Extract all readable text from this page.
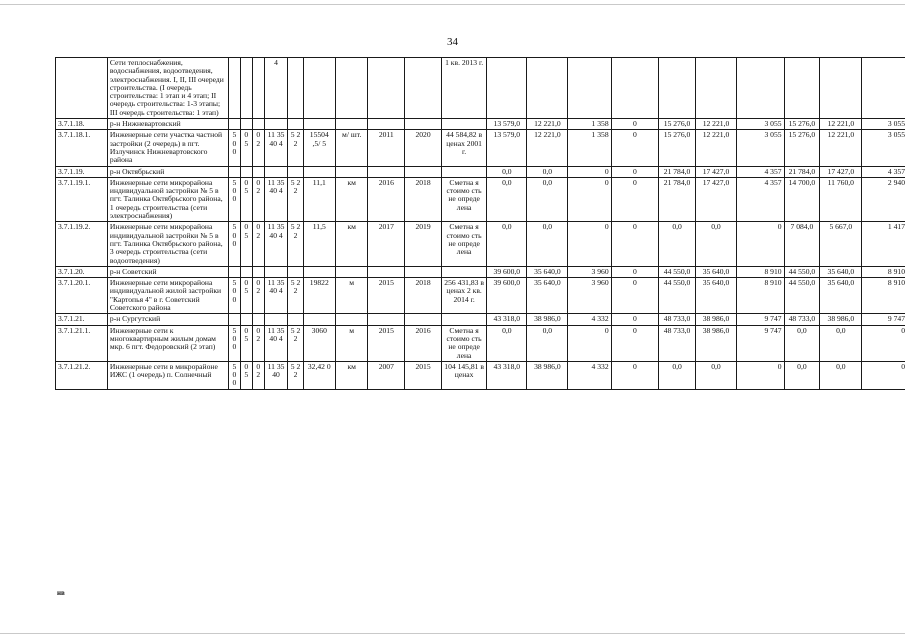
34
	Сети теплоснабжения, водоснабжения, водоотведения, электроснабжения. I, II, III очереди строительства. (I очередь строительства: 1 этап и 4 этап; II очередь строительства: 1-3 этапы; III очередь строительства: 1 этап)				4						1 кв. 2013 г.										
3.7.1.18.	р-н Нижневартовский											13 579,0	12 221,0	1 358	0	15 276,0	12 221,0	3 055	15 276,0	12 221,0	3 055
3.7.1.18.1.	Инженерные сети участка частной застройки (2 очередь) в пгт. Излучинск Нижневартовского района	5 0 0	0 5	0 2	11 35 40 4	5 2 2	15504 ,5/ 5	м/ шт.	2011	2020	44 584,82 в ценах 2001 г.	13 579,0	12 221,0	1 358	0	15 276,0	12 221,0	3 055	15 276,0	12 221,0	3 055
3.7.1.19.	р-н Октябрьский											0,0	0,0	0	0	21 784,0	17 427,0	4 357	21 784,0	17 427,0	4 357
3.7.1.19.1.	Инженерные сети микрорайона индивидуальной застройки № 5 в пгт. Талинка Октябрьского района, 1 очередь строительства (сети электроснабжения)	5 0 0	0 5	0 2	11 35 40 4	5 2 2	11,1	км	2016	2018	Сметна я стоимо сть не опреде лена	0,0	0,0	0	0	21 784,0	17 427,0	4 357	14 700,0	11 760,0	2 940
3.7.1.19.2.	Инженерные сети микрорайона индивидуальной застройки № 5 в пгт. Талинка Октябрьского района, 3 очередь строительства (сети водоотведения)	5 0 0	0 5	0 2	11 35 40 4	5 2 2	11,5	км	2017	2019	Сметна я стоимо сть не опреде лена	0,0	0,0	0	0	0,0	0,0	0	7 084,0	5 667,0	1 417
3.7.1.20.	р-н Советский											39 600,0	35 640,0	3 960	0	44 550,0	35 640,0	8 910	44 550,0	35 640,0	8 910
3.7.1.20.1.	Инженерные сети микрорайона индивидуальной жилой застройки "Картопья 4" в г. Советский Советского района	5 0 0	0 5	0 2	11 35 40 4	5 2 2	19822	м	2015	2018	256 431,83 в ценах 2 кв. 2014 г.	39 600,0	35 640,0	3 960	0	44 550,0	35 640,0	8 910	44 550,0	35 640,0	8 910
3.7.1.21.	р-н Сургутский											43 318,0	38 986,0	4 332	0	48 733,0	38 986,0	9 747	48 733,0	38 986,0	9 747
3.7.1.21.1.	Инженерные сети к многоквартирным жилым домам мкр. 6 пгт. Федоровский (2 этап)	5 0 0	0 5	0 2	11 35 40 4	5 2 2	3060	м	2015	2016	Сметна я стоимо сть не опреде лена	0,0	0,0	0	0	48 733,0	38 986,0	9 747	0,0	0,0	0
3.7.1.21.2.	Инженерные сети в микрорайоне ИЖС (1 очередь) п. Солнечный	5 0 0	0 5	0 2	11 35 40	5 2 2	32,42 0	км	2007	2015	104 145,81 в ценах	43 318,0	38 986,0	4 332	0	0,0	0,0	0	0,0	0,0	0
нв
